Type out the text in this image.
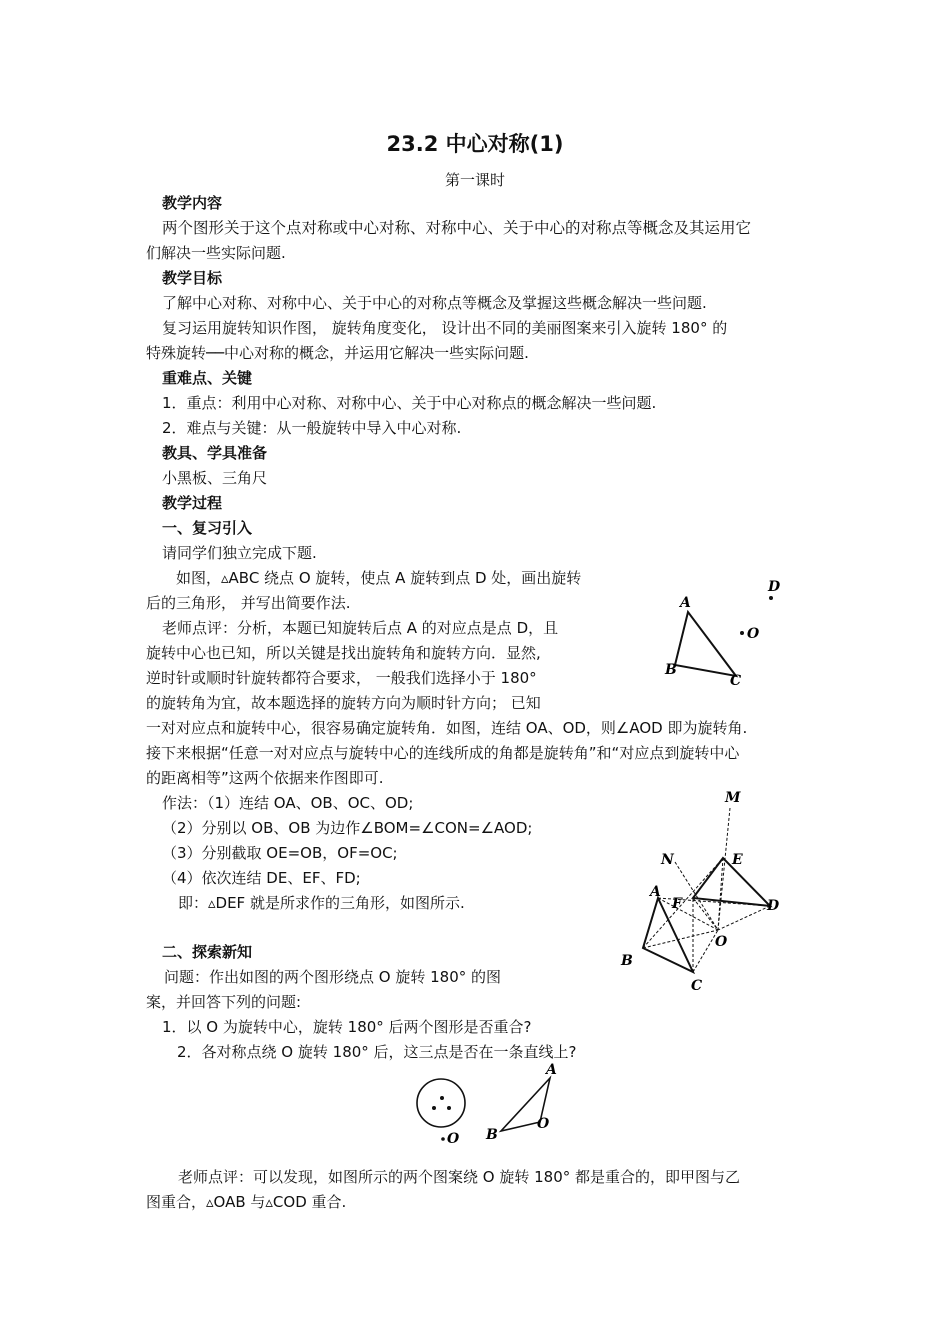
23.2 中心对称(1)
第一课时
教学内容
两个图形关于这个点对称或中心对称、对称中心、关于中心的对称点等概念及其运用它
们解决一些实际问题.
教学目标
了解中心对称、对称中心、关于中心的对称点等概念及掌握这些概念解决一些问题.
复习运用旋转知识作图， 旋转角度变化， 设计出不同的美丽图案来引入旋转 180° 的
特殊旋转──中心对称的概念，并运用它解决一些实际问题.
重难点、关键
1．重点：利用中心对称、对称中心、关于中心对称点的概念解决一些问题.
2．难点与关键：从一般旋转中导入中心对称.
教具、学具准备
小黑板、三角尺
教学过程
一、复习引入
请同学们独立完成下题.
如图，▵ABC 绕点 O 旋转，使点 A 旋转到点 D 处，画出旋转
后的三角形， 并写出简要作法.
老师点评：分析，本题已知旋转后点 A 的对应点是点 D，且
旋转中心也已知，所以关键是找出旋转角和旋转方向．显然,
逆时针或顺时针旋转都符合要求， 一般我们选择小于 180°
的旋转角为宜，故本题选择的旋转方向为顺时针方向； 已知
一对对应点和旋转中心，很容易确定旋转角．如图，连结 OA、OD，则∠AOD 即为旋转角.
接下来根据“任意一对对应点与旋转中心的连线所成的角都是旋转角”和“对应点到旋转中心
的距离相等”这两个依据来作图即可.
作法：（1）连结 OA、OB、OC、OD;
（2）分别以 OB、OB 为边作∠BOM=∠CON=∠AOD;
（3）分别截取 OE=OB，OF=OC;
（4）依次连结 DE、EF、FD;
即：▵DEF 就是所求作的三角形，如图所示.
二、探索新知
问题：作出如图的两个图形绕点 O 旋转 180° 的图
案，并回答下列的问题:
1．以 O 为旋转中心，旋转 180° 后两个图形是否重合?
2．各对称点绕 O 旋转 180° 后，这三点是否在一条直线上?
老师点评：可以发现，如图所示的两个图案绕 O 旋转 180° 都是重合的，即甲图与乙
图重合，▵OAB 与▵COD 重合.
A
B
C
O
D
M
N	E
A
F	D
O
B
C
O
A
B
O
